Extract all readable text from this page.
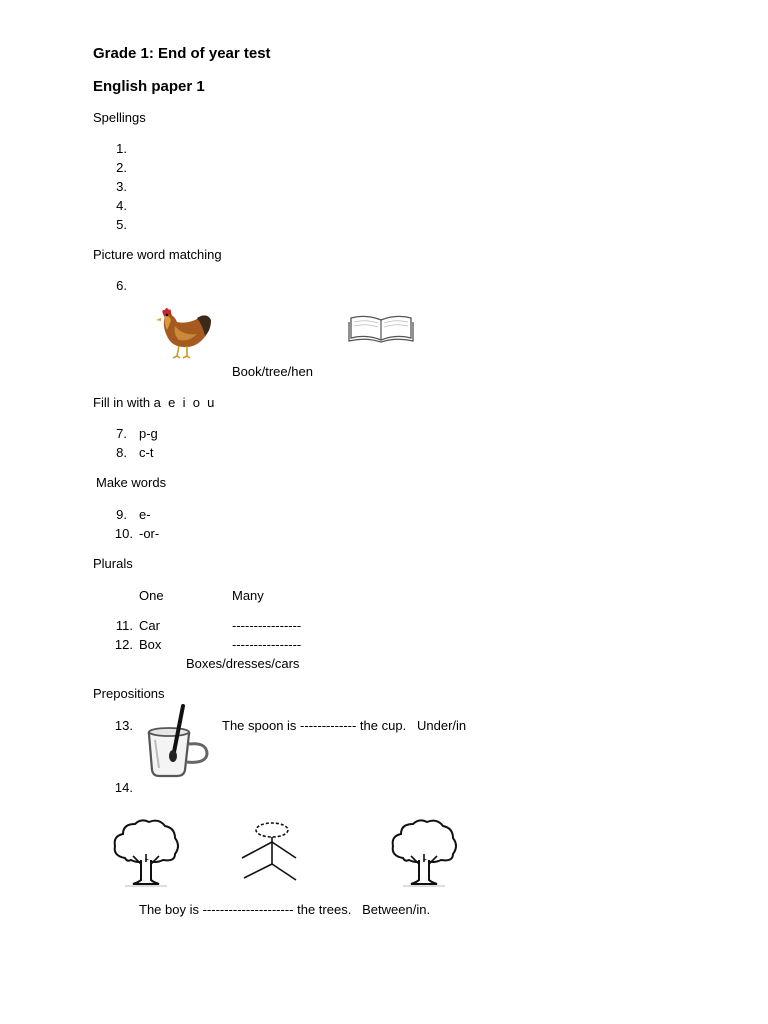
Grade 1: End of year test
English paper 1
Spellings
1.
2.
3.
4.
5.
Picture word matching
6.
Book/tree/hen
Fill in with a  e  i  o  u
7. p-g
8. c-t
Make words
9. e-
10. -or-
Plurals
One	Many
11. Car	----------------
12. Box	----------------
Boxes/dresses/cars
Prepositions
13.	The spoon is ------------- the cup.   Under/in
14.
The boy is --------------------- the trees.   Between/in.
